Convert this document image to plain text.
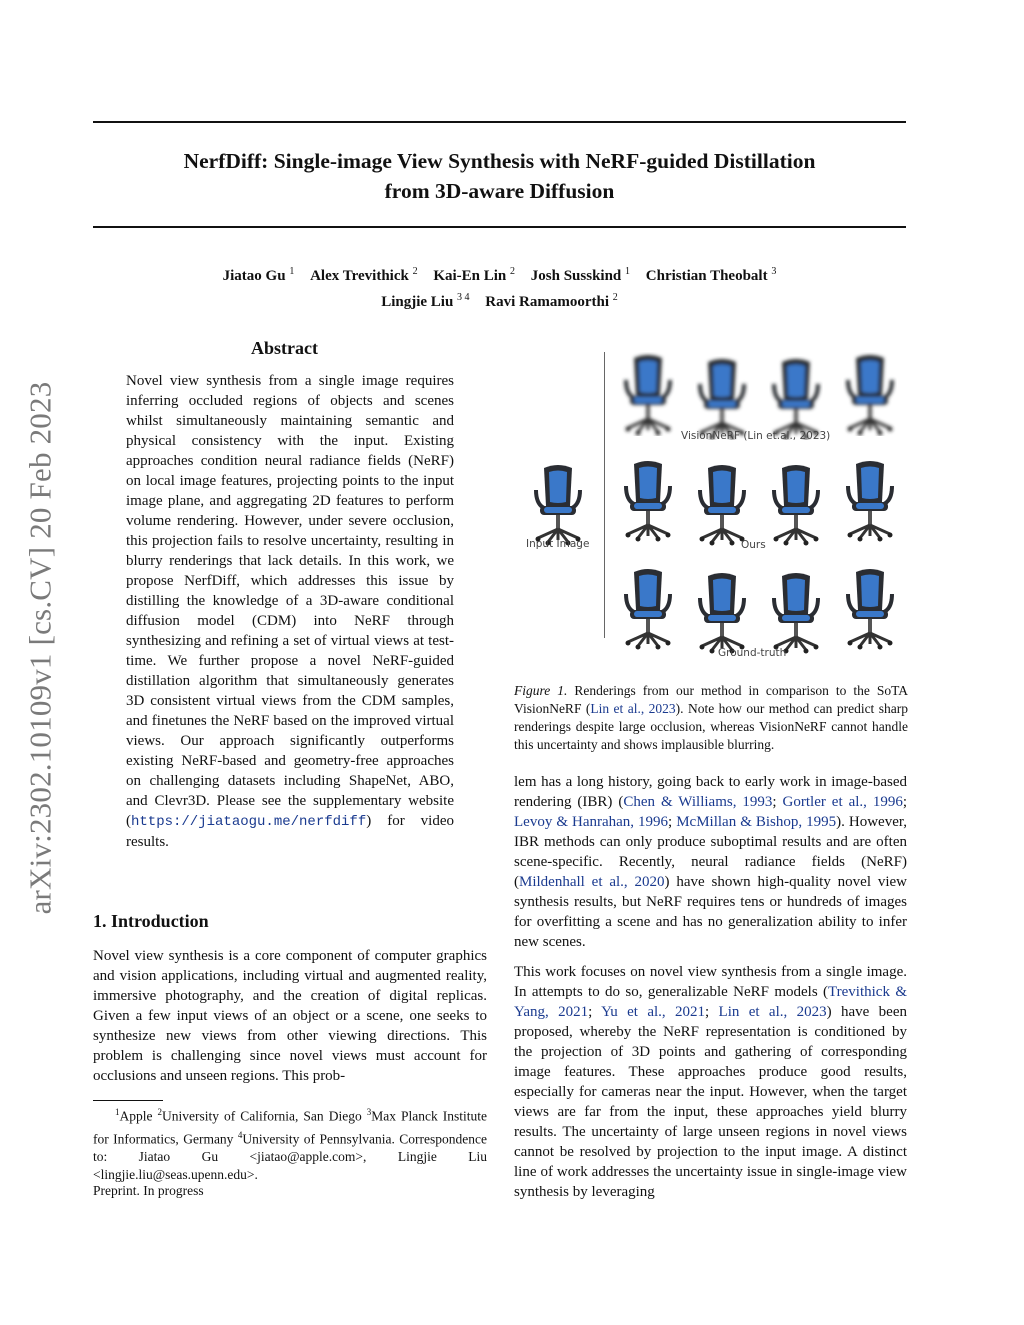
arXiv:2302.10109v1 [cs.CV] 20 Feb 2023
NerfDiff: Single-image View Synthesis with NeRF-guided Distillation
from 3D-aware Diffusion
Jiatao Gu $^1$ Alex Trevithick $^2$ Kai-En Lin $^2$ Josh Susskind $^1$ Christian Theobalt $^3$
Lingjie Liu $^{3 4}$ Ravi Ramamoorthi $^2$
Abstract

Novel view synthesis from a single image requires inferring occluded regions of objects and scenes whilst simultaneously maintaining semantic and physical consistency with the input. Existing approaches condition neural radiance fields (NeRF) on local image features, projecting points to the input image plane, and aggregating 2D features to perform volume rendering. However, under severe occlusion, this projection fails to resolve uncertainty, resulting in blurry renderings that lack details. In this work, we propose NerfDiff, which addresses this issue by distilling the knowledge of a 3D-aware conditional diffusion model (CDM) into NeRF through synthesizing and refining a set of virtual views at test-time. We further propose a novel NeRF-guided distillation algorithm that simultaneously generates 3D consistent virtual views from the CDM samples, and finetunes the NeRF based on the improved virtual views. Our approach significantly outperforms existing NeRF-based and geometry-free approaches on challenging datasets including ShapeNet, ABO, and Clevr3D. Please see the supplementary website (https://jiataogu.me/nerfdiff) for video results.

1. Introduction

Novel view synthesis is a core component of computer graphics and vision applications, including virtual and augmented reality, immersive photography, and the creation of digital replicas. Given a few input views of an object or a scene, one seeks to synthesize new views from other viewing directions. This problem is challenging since novel views must account for occlusions and unseen regions. This prob-

$^1$Apple $^2$University of California, San Diego $^3$Max Planck Institute for Informatics, Germany $^4$University of Pennsylvania. Correspondence to: Jiatao Gu <jiatao@apple.com>, Lingjie Liu <lingjie.liu@seas.upenn.edu>.
Preprint. In progress
VisionNeRF (Lin et.al., 2023)
Input Image	Ours
Ground-truth

Figure 1. Renderings from our method in comparison to the SoTA VisionNeRF (Lin et al., 2023). Note how our method can predict sharp renderings despite large occlusion, whereas VisionNeRF cannot handle this uncertainty and shows implausible blurring.

lem has a long history, going back to early work in image-based rendering (IBR) (Chen & Williams, 1993; Gortler et al., 1996; Levoy & Hanrahan, 1996; McMillan & Bishop, 1995). However, IBR methods can only produce suboptimal results and are often scene-specific. Recently, neural radiance fields (NeRF) (Mildenhall et al., 2020) have shown high-quality novel view synthesis results, but NeRF requires tens or hundreds of images for overfitting a scene and has no generalization ability to infer new scenes.

This work focuses on novel view synthesis from a single image. In attempts to do so, generalizable NeRF models (Trevithick & Yang, 2021; Yu et al., 2021; Lin et al., 2023) have been proposed, whereby the NeRF representation is conditioned by the projection of 3D points and gathering of corresponding image features. These approaches produce good results, especially for cameras near the input. However, when the target views are far from the input, these approaches yield blurry results. The uncertainty of large unseen regions in novel views cannot be resolved by projection to the input image. A distinct line of work addresses the uncertainty issue in single-image view synthesis by leveraging
